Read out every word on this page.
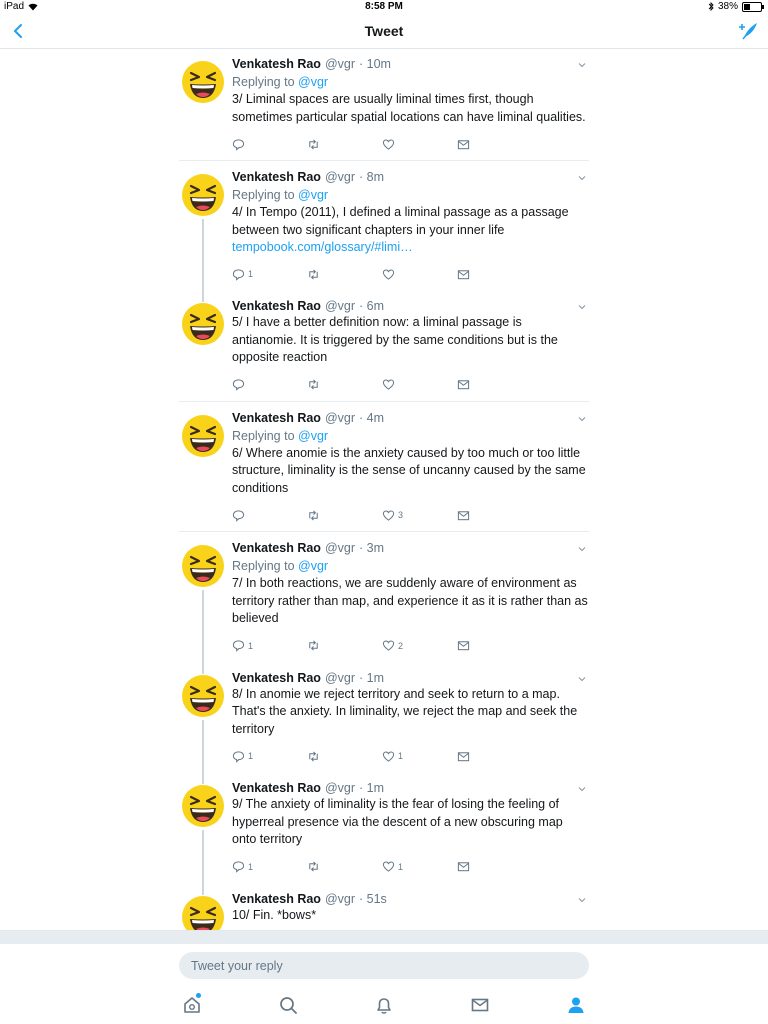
iPad	8:58 PM	38%
Tweet
Venkatesh Rao @vgr · 10m
Replying to @vgr
3/ Liminal spaces are usually liminal times first, though sometimes particular spatial locations can have liminal qualities.
Venkatesh Rao @vgr · 8m
Replying to @vgr
4/ In Tempo (2011), I defined a liminal passage as a passage between two significant chapters in your inner life
tempobook.com/glossary/#limi…
1
Venkatesh Rao @vgr · 6m
5/ I have a better definition now: a liminal passage is antianomie. It is triggered by the same conditions but is the opposite reaction
Venkatesh Rao @vgr · 4m
Replying to @vgr
6/ Where anomie is the anxiety caused by too much or too little structure, liminality is the sense of uncanny caused by the same conditions
3
Venkatesh Rao @vgr · 3m
Replying to @vgr
7/ In both reactions, we are suddenly aware of environment as territory rather than map, and experience it as it is rather than as believed
1	2
Venkatesh Rao @vgr · 1m
8/ In anomie we reject territory and seek to return to a map. That's the anxiety. In liminality, we reject the map and seek the territory
1	1
Venkatesh Rao @vgr · 1m
9/ The anxiety of liminality is the fear of losing the feeling of hyperreal presence via the descent of a new obscuring map onto territory
1	1
Venkatesh Rao @vgr · 51s
10/ Fin. *bows*
Tweet your reply
